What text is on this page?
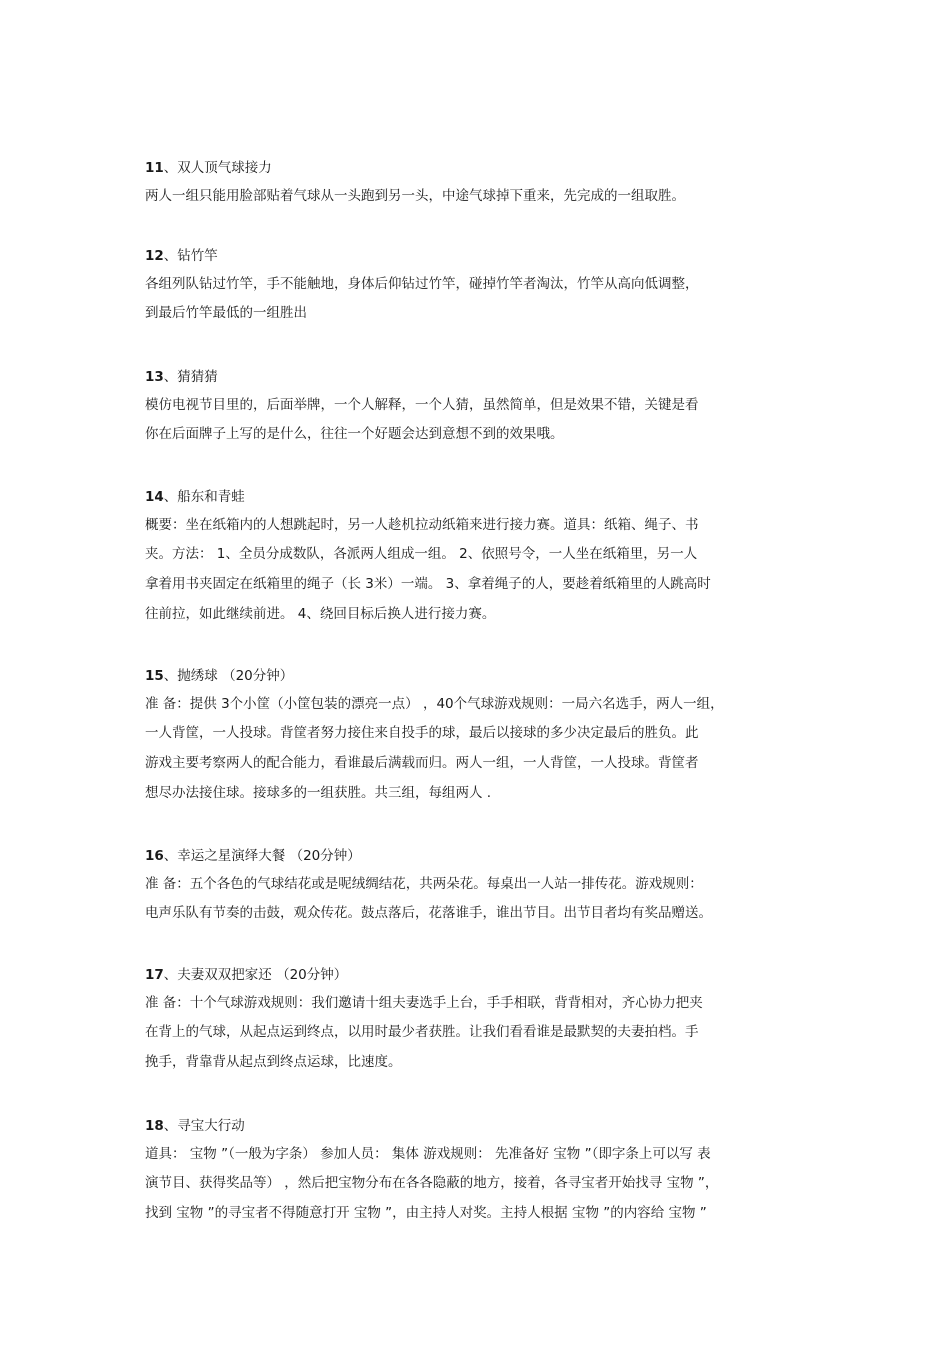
11、双人顶气球接力
两人一组只能用脸部贴着气球从一头跑到另一头，中途气球掉下重来，先完成的一组取胜。
12、钻竹竿
各组列队钻过竹竿，手不能触地，身体后仰钻过竹竿，碰掉竹竿者淘汰，竹竿从高向低调整，
到最后竹竿最低的一组胜出
13、猜猜猜
模仿电视节目里的，后面举牌，一个人解释，一个人猜，虽然简单，但是效果不错，关键是看
你在后面牌子上写的是什么，往往一个好题会达到意想不到的效果哦。
14、船东和青蛙
概要：坐在纸箱内的人想跳起时，另一人趁机拉动纸箱来进行接力赛。道具：纸箱、绳子、书
夹。方法： 1、全员分成数队，各派两人组成一组。 2、依照号令，一人坐在纸箱里，另一人
拿着用书夹固定在纸箱里的绳子（长 3米）一端。 3、拿着绳子的人，要趁着纸箱里的人跳高时
往前拉，如此继续前进。 4、绕回目标后换人进行接力赛。
15、抛绣球 （20分钟）
准 备：提供 3个小筐（小筐包装的漂亮一点） ，40个气球游戏规则：一局六名选手，两人一组，
一人背筐，一人投球。背筐者努力接住来自投手的球，最后以接球的多少决定最后的胜负。此
游戏主要考察两人的配合能力，看谁最后满载而归。两人一组，一人背筐，一人投球。背筐者
想尽办法接住球。接球多的一组获胜。共三组，每组两人 .
16、幸运之星演绎大餐 （20分钟）
准 备：五个各色的气球结花或是呢绒绸结花，共两朵花。每桌出一人站一排传花。游戏规则：
电声乐队有节奏的击鼓，观众传花。鼓点落后，花落谁手，谁出节目。出节目者均有奖品赠送。
17、夫妻双双把家还 （20分钟）
准 备：十个气球游戏规则：我们邀请十组夫妻选手上台，手手相联，背背相对，齐心协力把夹
在背上的气球，从起点运到终点，以用时最少者获胜。让我们看看谁是最默契的夫妻拍档。手
挽手，背靠背从起点到终点运球，比速度。
18、寻宝大行动
道具： 宝物 ”（一般为字条） 参加人员： 集体 游戏规则： 先准备好 宝物 ”（即字条上可以写 表
演节目、获得奖品等） ，然后把宝物分布在各各隐蔽的地方，接着，各寻宝者开始找寻 宝物 ”，
找到 宝物 ”的寻宝者不得随意打开 宝物 ”，由主持人对奖。主持人根据 宝物 ”的内容给 宝物 ”
